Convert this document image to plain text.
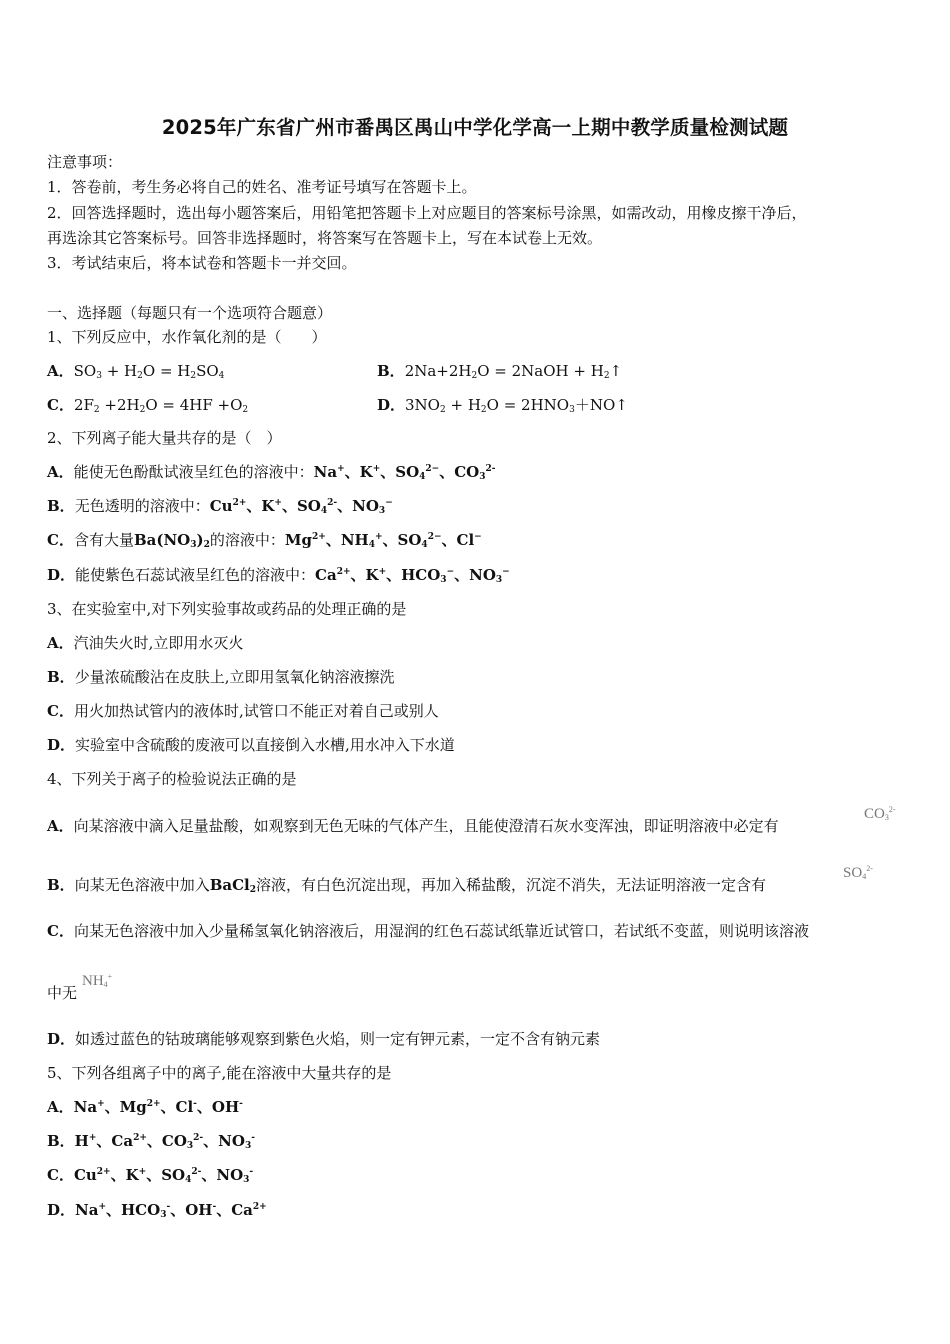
2025年广东省广州市番禺区禺山中学化学高一上期中教学质量检测试题
注意事项：
1．答卷前，考生务必将自己的姓名、准考证号填写在答题卡上。
2．回答选择题时，选出每小题答案后，用铅笔把答题卡上对应题目的答案标号涂黑，如需改动，用橡皮擦干净后，
再选涂其它答案标号。回答非选择题时，将答案写在答题卡上，写在本试卷上无效。
3．考试结束后，将本试卷和答题卡一并交回。
一、选择题（每题只有一个选项符合题意）
1、下列反应中，水作氧化剂的是（　　）
A．$SO_3 + H_2O = H_2SO_4$	B．$2Na+2H_2O$ = 2NaOH + $H_2↑$
C．$2F_2 +2H_2O = 4HF +O_2$	D．$3NO_2 + H_2O$ = $2HNO_3+NO↑$
2、下列离子能大量共存的是（　）
A．能使无色酚酞试液呈红色的溶液中：Na+、K+、$SO_4^{2-}$、$CO_3^{2-}$
B．无色透明的溶液中：$Cu^{2+}$、K+、$SO_4^{2-}$、$NO_3^-$
C．含有大量$Ba(NO_3)_2$的溶液中：$Mg^{2+}$、$NH_4^+$、$SO_4^{2-}$、Cl−
D．能使紫色石蕊试液呈红色的溶液中：$Ca^{2+}$、K+、$HCO_3^-$、$NO_3^-$
3、在实验室中,对下列实验事故或药品的处理正确的是
A．汽油失火时,立即用水灭火
B．少量浓硫酸沾在皮肤上,立即用氢氧化钠溶液擦洗
C．用火加热试管内的液体时,试管口不能正对着自己或别人
D．实验室中含硫酸的废液可以直接倒入水槽,用水冲入下水道
4、下列关于离子的检验说法正确的是
A．向某溶液中滴入足量盐酸，如观察到无色无味的气体产生，且能使澄清石灰水变浑浊，即证明溶液中必定有
$CO_3^{2-}$
B．向某无色溶液中加入BaCl$_2$溶液，有白色沉淀出现，再加入稀盐酸，沉淀不消失，无法证明溶液一定含有
$SO_4^{2-}$
C．向某无色溶液中加入少量稀氢氧化钠溶液后，用湿润的红色石蕊试纸靠近试管口，若试纸不变蓝，则说明该溶液
中无
$NH_4^+$
D．如透过蓝色的钴玻璃能够观察到紫色火焰，则一定有钾元素，一定不含有钠元素
5、下列各组离子中的离子,能在溶液中大量共存的是
A．Na+、$Mg^{2+}$、Cl-、OH-
B．H+、$Ca^{2+}$、$CO_3^{2-}$、$NO_3^-$
C．$Cu^{2+}$、K+、$SO_4^{2-}$、$NO_3^-$
D．Na+、$HCO_3^-$、OH-、$Ca^{2+}$
